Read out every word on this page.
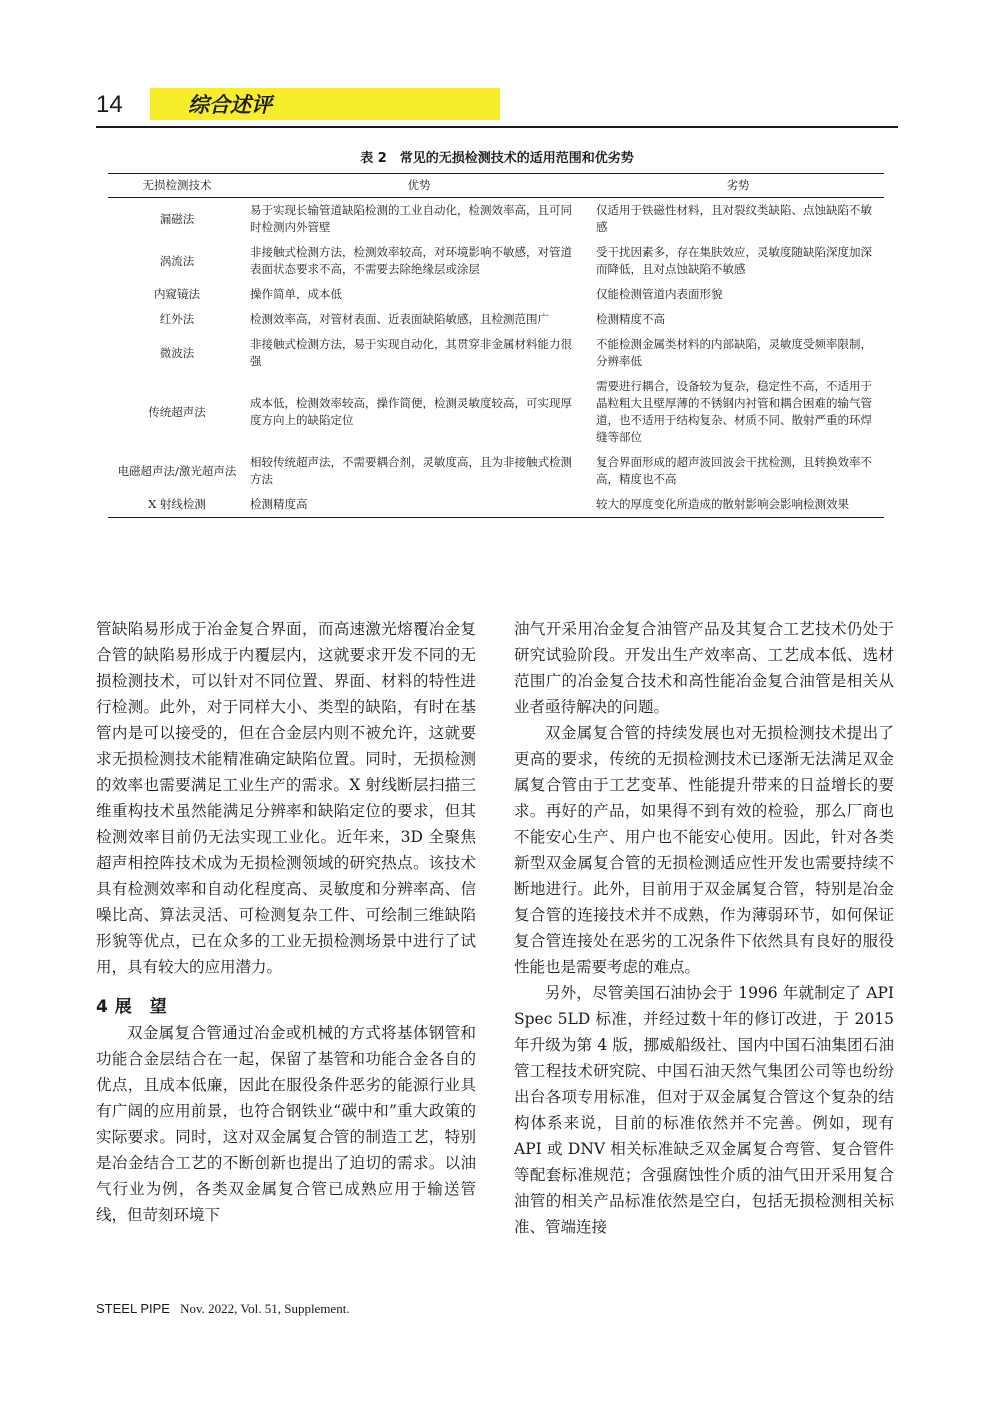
14	综合述评
表 2　常见的无损检测技术的适用范围和优劣势
无损检测技术	优势	劣势
漏磁法	易于实现长输管道缺陷检测的工业自动化，检测效率高，且可同时检测内外管壁	仅适用于铁磁性材料，且对裂纹类缺陷、点蚀缺陷不敏感
涡流法	非接触式检测方法，检测效率较高，对环境影响不敏感，对管道表面状态要求不高，不需要去除绝缘层或涂层	受干扰因素多，存在集肤效应，灵敏度随缺陷深度加深而降低，且对点蚀缺陷不敏感
内窥镜法	操作简单，成本低	仅能检测管道内表面形貌
红外法	检测效率高，对管材表面、近表面缺陷敏感，且检测范围广	检测精度不高
微波法	非接触式检测方法，易于实现自动化，其贯穿非金属材料能力很强	不能检测金属类材料的内部缺陷，灵敏度受频率限制，分辨率低
传统超声法	成本低，检测效率较高，操作简便，检测灵敏度较高，可实现厚度方向上的缺陷定位	需要进行耦合，设备较为复杂，稳定性不高，不适用于晶粒粗大且壁厚薄的不锈钢内衬管和耦合困难的输气管道，也不适用于结构复杂、材质不同、散射严重的环焊缝等部位
电磁超声法/激光超声法	相较传统超声法，不需要耦合剂，灵敏度高，且为非接触式检测方法	复合界面形成的超声波回波会干扰检测，且转换效率不高，精度也不高
X 射线检测	检测精度高	较大的厚度变化所造成的散射影响会影响检测效果

管缺陷易形成于冶金复合界面，而高速激光熔覆冶金复合管的缺陷易形成于内覆层内，这就要求开发不同的无损检测技术，可以针对不同位置、界面、材料的特性进行检测。此外，对于同样大小、类型的缺陷，有时在基管内是可以接受的，但在合金层内则不被允许，这就要求无损检测技术能精准确定缺陷位置。同时，无损检测的效率也需要满足工业生产的需求。X 射线断层扫描三维重构技术虽然能满足分辨率和缺陷定位的要求，但其检测效率目前仍无法实现工业化。近年来，3D 全聚焦超声相控阵技术成为无损检测领域的研究热点。该技术具有检测效率和自动化程度高、灵敏度和分辨率高、信噪比高、算法灵活、可检测复杂工件、可绘制三维缺陷形貌等优点，已在众多的工业无损检测场景中进行了试用，具有较大的应用潜力。

4 展　望

双金属复合管通过冶金或机械的方式将基体钢管和功能合金层结合在一起，保留了基管和功能合金各自的优点，且成本低廉，因此在服役条件恶劣的能源行业具有广阔的应用前景，也符合钢铁业“碳中和”重大政策的实际要求。同时，这对双金属复合管的制造工艺，特别是冶金结合工艺的不断创新也提出了迫切的需求。以油气行业为例，各类双金属复合管已成熟应用于输送管线，但苛刻环境下

油气开采用冶金复合油管产品及其复合工艺技术仍处于研究试验阶段。开发出生产效率高、工艺成本低、选材范围广的冶金复合技术和高性能冶金复合油管是相关从业者亟待解决的问题。

双金属复合管的持续发展也对无损检测技术提出了更高的要求，传统的无损检测技术已逐渐无法满足双金属复合管由于工艺变革、性能提升带来的日益增长的要求。再好的产品，如果得不到有效的检验，那么厂商也不能安心生产、用户也不能安心使用。因此，针对各类新型双金属复合管的无损检测适应性开发也需要持续不断地进行。此外，目前用于双金属复合管，特别是冶金复合管的连接技术并不成熟，作为薄弱环节，如何保证复合管连接处在恶劣的工况条件下依然具有良好的服役性能也是需要考虑的难点。

另外，尽管美国石油协会于 1996 年就制定了 API Spec 5LD 标准，并经过数十年的修订改进，于 2015 年升级为第 4 版，挪威船级社、国内中国石油集团石油管工程技术研究院、中国石油天然气集团公司等也纷纷出台各项专用标准，但对于双金属复合管这个复杂的结构体系来说，目前的标准依然并不完善。例如，现有 API 或 DNV 相关标准缺乏双金属复合弯管、复合管件等配套标准规范；含强腐蚀性介质的油气田开采用复合油管的相关产品标准依然是空白，包括无损检测相关标准、管端连接

STEEL PIPE Nov. 2022, Vol. 51, Supplement.
